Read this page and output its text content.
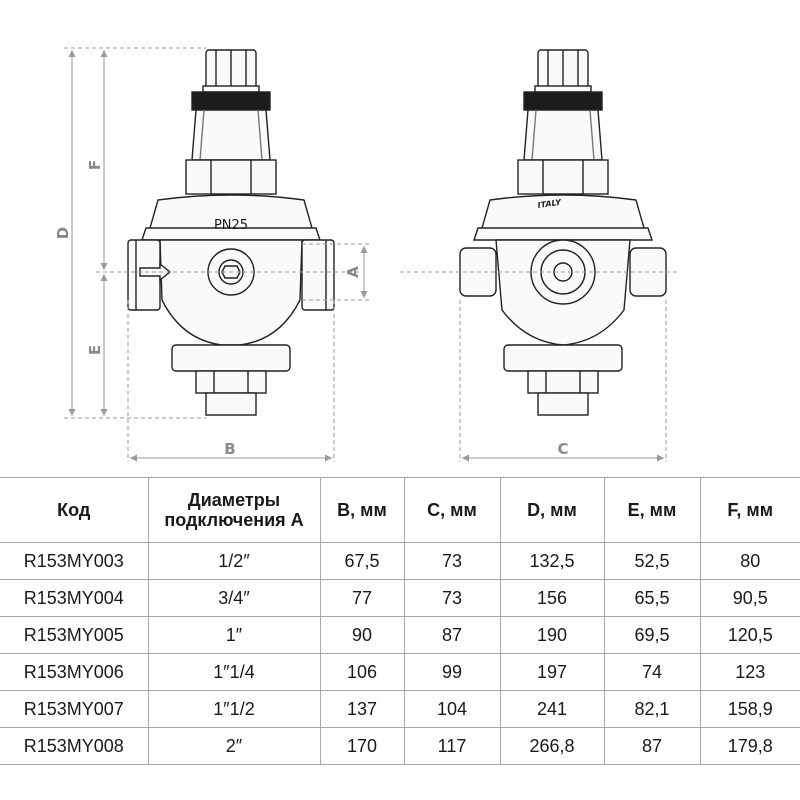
PN25
ITALY
D
F
E
A
B	C
Код	Диаметры подключения A	B, мм	C, мм	D, мм	E, мм	F, мм
R153MY003	1/2″	67,5	73	132,5	52,5	80
R153MY004	3/4″	77	73	156	65,5	90,5
R153MY005	1″	90	87	190	69,5	120,5
R153MY006	1″1/4	106	99	197	74	123
R153MY007	1″1/2	137	104	241	82,1	158,9
R153MY008	2″	170	117	266,8	87	179,8
